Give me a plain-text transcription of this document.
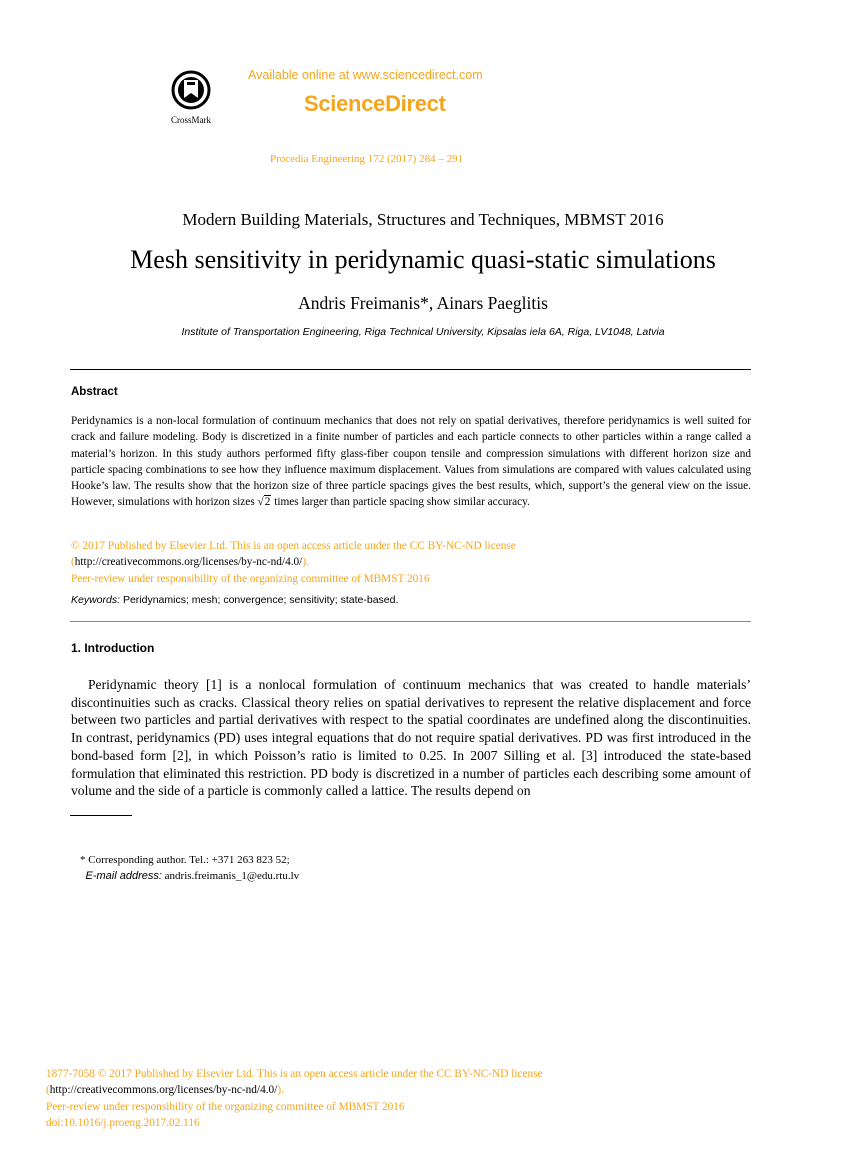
CrossMark
Available online at www.sciencedirect.com
ScienceDirect
Procedia Engineering 172 (2017) 284 – 291
Modern Building Materials, Structures and Techniques, MBMST 2016
Mesh sensitivity in peridynamic quasi-static simulations
Andris Freimanis*, Ainars Paeglitis
Institute of Transportation Engineering, Riga Technical University, Kipsalas iela 6A, Riga, LV1048, Latvia
Abstract
Peridynamics is a non-local formulation of continuum mechanics that does not rely on spatial derivatives, therefore peridynamics is well suited for crack and failure modeling. Body is discretized in a finite number of particles and each particle connects to other particles within a range called a material’s horizon. In this study authors performed fifty glass-fiber coupon tensile and compression simulations with different horizon size and particle spacing combinations to see how they influence maximum displacement. Values from simulations are compared with values calculated using Hooke’s law. The results show that the horizon size of three particle spacings gives the best results, which, support’s the general view on the issue. However, simulations with horizon sizes √2 times larger than particle spacing show similar accuracy.
© 2017 Published by Elsevier Ltd. This is an open access article under the CC BY-NC-ND license
(http://creativecommons.org/licenses/by-nc-nd/4.0/).
Peer-review under responsibility of the organizing committee of MBMST 2016
Keywords: Peridynamics; mesh; convergence; sensitivity; state-based.
1. Introduction

Peridynamic theory [1] is a nonlocal formulation of continuum mechanics that was created to handle materials’ discontinuities such as cracks. Classical theory relies on spatial derivatives to represent the relative displacement and force between two particles and partial derivatives with respect to the spatial coordinates are undefined along the discontinuities. In contrast, peridynamics (PD) uses integral equations that do not require spatial derivatives. PD was first introduced in the bond-based form [2], in which Poisson’s ratio is limited to 0.25. In 2007 Silling et al. [3] introduced the state-based formulation that eliminated this restriction. PD body is discretized in a number of particles each describing some amount of volume and the side of a particle is commonly called a lattice. The results depend on

* Corresponding author. Tel.: +371 263 823 52;
E-mail address: andris.freimanis_1@edu.rtu.lv
1877-7058 © 2017 Published by Elsevier Ltd. This is an open access article under the CC BY-NC-ND license
(http://creativecommons.org/licenses/by-nc-nd/4.0/).
Peer-review under responsibility of the organizing committee of MBMST 2016
doi:10.1016/j.proeng.2017.02.116
